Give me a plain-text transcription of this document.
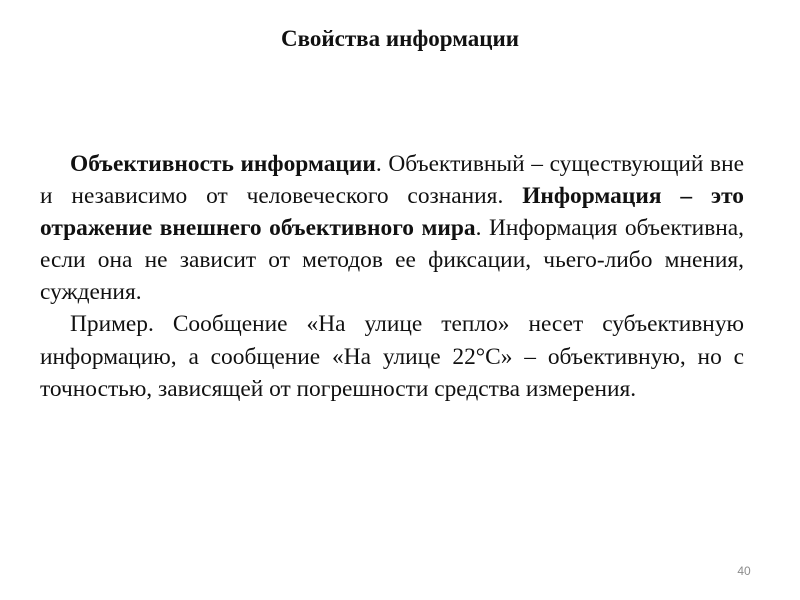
Свойства информации

Объективность информации. Объективный – существующий вне и независимо от человеческого сознания. Информация – это отражение внешнего объективного мира. Информация объективна, если она не зависит от методов ее фиксации, чьего-либо мнения, суждения.

Пример. Сообщение «На улице тепло» несет субъективную информацию, а сообщение «На улице 22°С» – объективную, но с точностью, зависящей от погрешности средства измерения.

40
